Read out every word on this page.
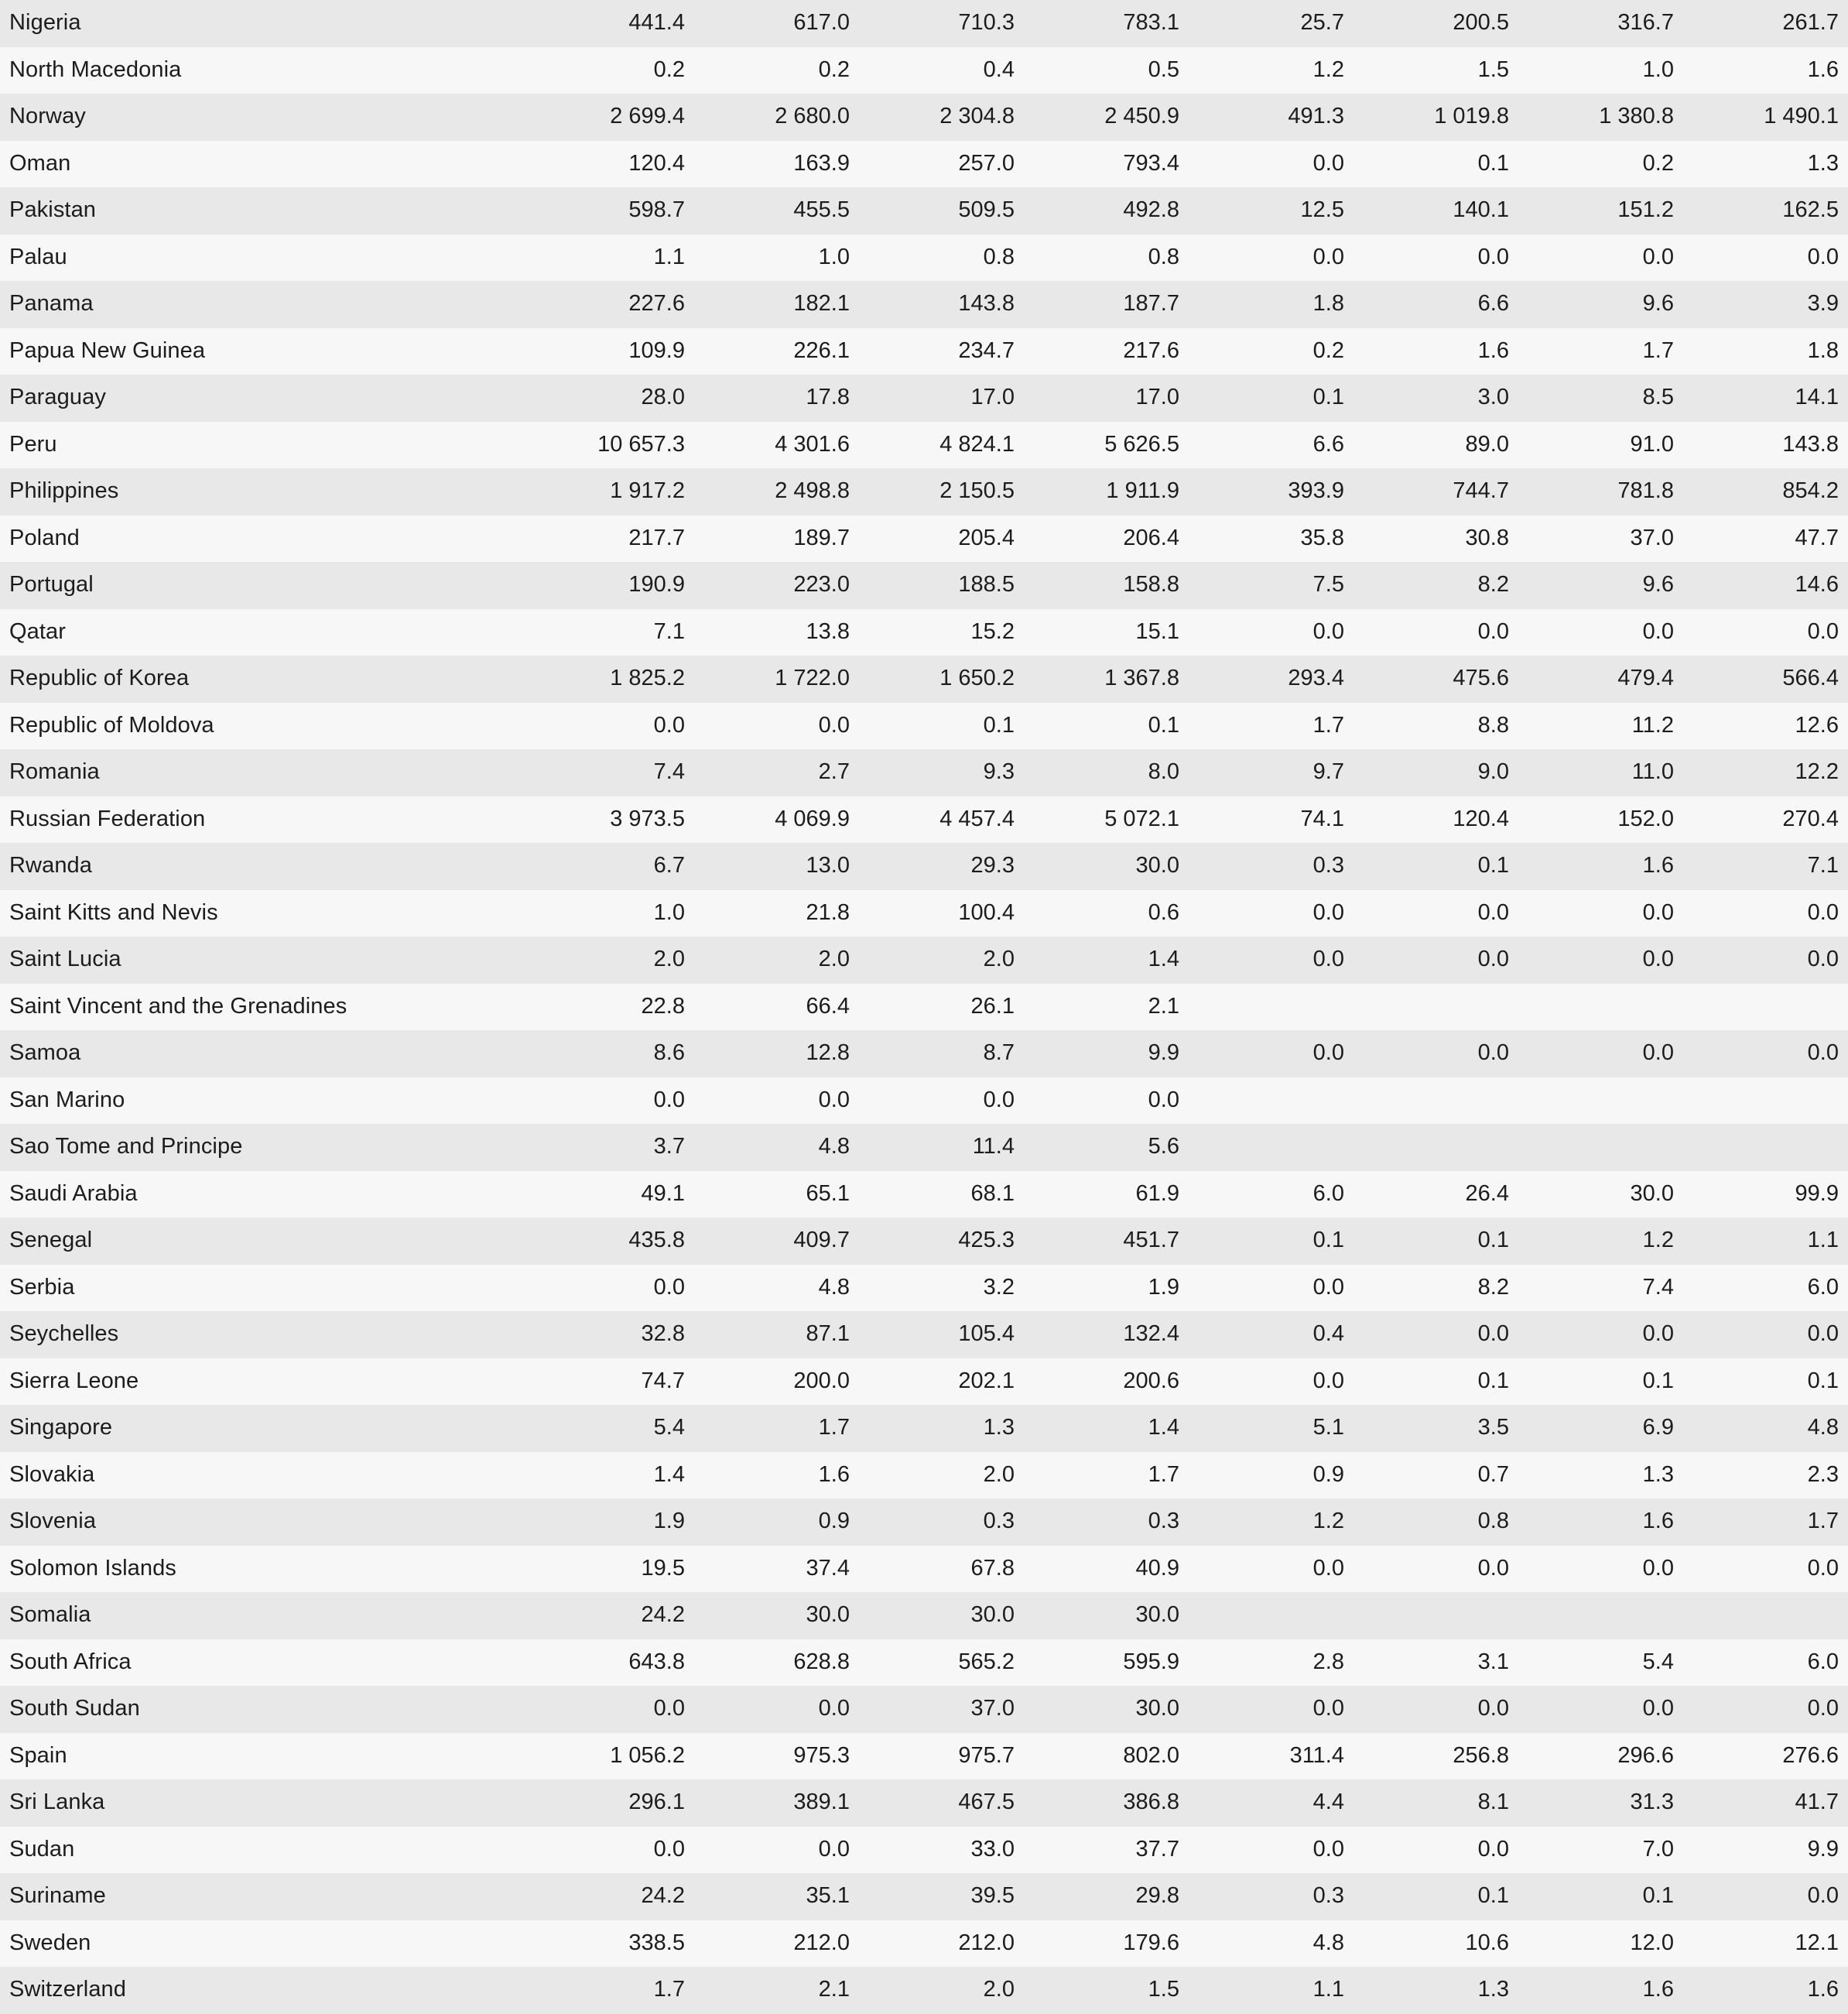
Nigeria	441.4	617.0	710.3	783.1	25.7	200.5	316.7	261.7
North Macedonia	0.2	0.2	0.4	0.5	1.2	1.5	1.0	1.6
Norway	2 699.4	2 680.0	2 304.8	2 450.9	491.3	1 019.8	1 380.8	1 490.1
Oman	120.4	163.9	257.0	793.4	0.0	0.1	0.2	1.3
Pakistan	598.7	455.5	509.5	492.8	12.5	140.1	151.2	162.5
Palau	1.1	1.0	0.8	0.8	0.0	0.0	0.0	0.0
Panama	227.6	182.1	143.8	187.7	1.8	6.6	9.6	3.9
Papua New Guinea	109.9	226.1	234.7	217.6	0.2	1.6	1.7	1.8
Paraguay	28.0	17.8	17.0	17.0	0.1	3.0	8.5	14.1
Peru	10 657.3	4 301.6	4 824.1	5 626.5	6.6	89.0	91.0	143.8
Philippines	1 917.2	2 498.8	2 150.5	1 911.9	393.9	744.7	781.8	854.2
Poland	217.7	189.7	205.4	206.4	35.8	30.8	37.0	47.7
Portugal	190.9	223.0	188.5	158.8	7.5	8.2	9.6	14.6
Qatar	7.1	13.8	15.2	15.1	0.0	0.0	0.0	0.0
Republic of Korea	1 825.2	1 722.0	1 650.2	1 367.8	293.4	475.6	479.4	566.4
Republic of Moldova	0.0	0.0	0.1	0.1	1.7	8.8	11.2	12.6
Romania	7.4	2.7	9.3	8.0	9.7	9.0	11.0	12.2
Russian Federation	3 973.5	4 069.9	4 457.4	5 072.1	74.1	120.4	152.0	270.4
Rwanda	6.7	13.0	29.3	30.0	0.3	0.1	1.6	7.1
Saint Kitts and Nevis	1.0	21.8	100.4	0.6	0.0	0.0	0.0	0.0
Saint Lucia	2.0	2.0	2.0	1.4	0.0	0.0	0.0	0.0
Saint Vincent and the Grenadines	22.8	66.4	26.1	2.1				
Samoa	8.6	12.8	8.7	9.9	0.0	0.0	0.0	0.0
San Marino	0.0	0.0	0.0	0.0				
Sao Tome and Principe	3.7	4.8	11.4	5.6				
Saudi Arabia	49.1	65.1	68.1	61.9	6.0	26.4	30.0	99.9
Senegal	435.8	409.7	425.3	451.7	0.1	0.1	1.2	1.1
Serbia	0.0	4.8	3.2	1.9	0.0	8.2	7.4	6.0
Seychelles	32.8	87.1	105.4	132.4	0.4	0.0	0.0	0.0
Sierra Leone	74.7	200.0	202.1	200.6	0.0	0.1	0.1	0.1
Singapore	5.4	1.7	1.3	1.4	5.1	3.5	6.9	4.8
Slovakia	1.4	1.6	2.0	1.7	0.9	0.7	1.3	2.3
Slovenia	1.9	0.9	0.3	0.3	1.2	0.8	1.6	1.7
Solomon Islands	19.5	37.4	67.8	40.9	0.0	0.0	0.0	0.0
Somalia	24.2	30.0	30.0	30.0				
South Africa	643.8	628.8	565.2	595.9	2.8	3.1	5.4	6.0
South Sudan	0.0	0.0	37.0	30.0	0.0	0.0	0.0	0.0
Spain	1 056.2	975.3	975.7	802.0	311.4	256.8	296.6	276.6
Sri Lanka	296.1	389.1	467.5	386.8	4.4	8.1	31.3	41.7
Sudan	0.0	0.0	33.0	37.7	0.0	0.0	7.0	9.9
Suriname	24.2	35.1	39.5	29.8	0.3	0.1	0.1	0.0
Sweden	338.5	212.0	212.0	179.6	4.8	10.6	12.0	12.1
Switzerland	1.7	2.1	2.0	1.5	1.1	1.3	1.6	1.6
